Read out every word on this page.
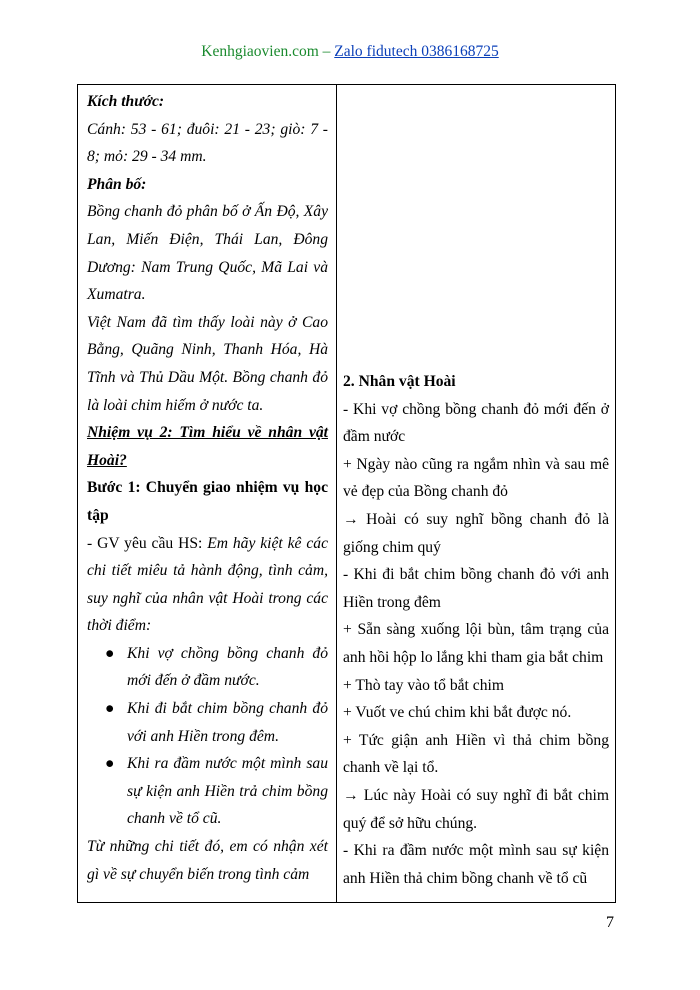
Kenhgiaovien.com – Zalo fidutech 0386168725

Kích thước:

Cánh: 53 - 61; đuôi: 21 - 23; giò: 7 - 8; mỏ: 29 - 34 mm.

Phân bố:

Bồng chanh đỏ phân bố ở Ấn Độ, Xây Lan, Miến Điện, Thái Lan, Đông Dương: Nam Trung Quốc, Mã Lai và Xumatra.

Việt Nam đã tìm thấy loài này ở Cao Bằng, Quãng Ninh, Thanh Hóa, Hà Tĩnh và Thủ Dầu Một. Bồng chanh đỏ là loài chim hiếm ở nước ta.

Nhiệm vụ 2: Tìm hiểu về nhân vật Hoài?

Bước 1: Chuyển giao nhiệm vụ học tập

- GV yêu cầu HS: Em hãy kiệt kê các chi tiết miêu tả hành động, tình cảm, suy nghĩ của nhân vật Hoài trong các thời điểm:

● Khi vợ chồng bồng chanh đỏ mới đến ở đầm nước.
● Khi đi bắt chim bồng chanh đỏ với anh Hiền trong đêm.
● Khi ra đầm nước một mình sau sự kiện anh Hiền trả chim bồng chanh về tổ cũ.

Từ những chi tiết đó, em có nhận xét gì về sự chuyển biến trong tình cảm

2. Nhân vật Hoài

- Khi vợ chồng bồng chanh đỏ mới đến ở đầm nước

+ Ngày nào cũng ra ngắm nhìn và sau mê vẻ đẹp của Bồng chanh đỏ

→ Hoài có suy nghĩ bồng chanh đỏ là giống chim quý

- Khi đi bắt chim bồng chanh đỏ với anh Hiền trong đêm

+ Sẵn sàng xuống lội bùn, tâm trạng của anh hồi hộp lo lắng khi tham gia bắt chim

+ Thò tay vào tổ bắt chim

+ Vuốt ve chú chim khi bắt được nó.

+ Tức giận anh Hiền vì thả chim bồng chanh về lại tổ.

→ Lúc này Hoài có suy nghĩ đi bắt chim quý để sở hữu chúng.

- Khi ra đầm nước một mình sau sự kiện anh Hiền thả chim bồng chanh về tổ cũ

7
